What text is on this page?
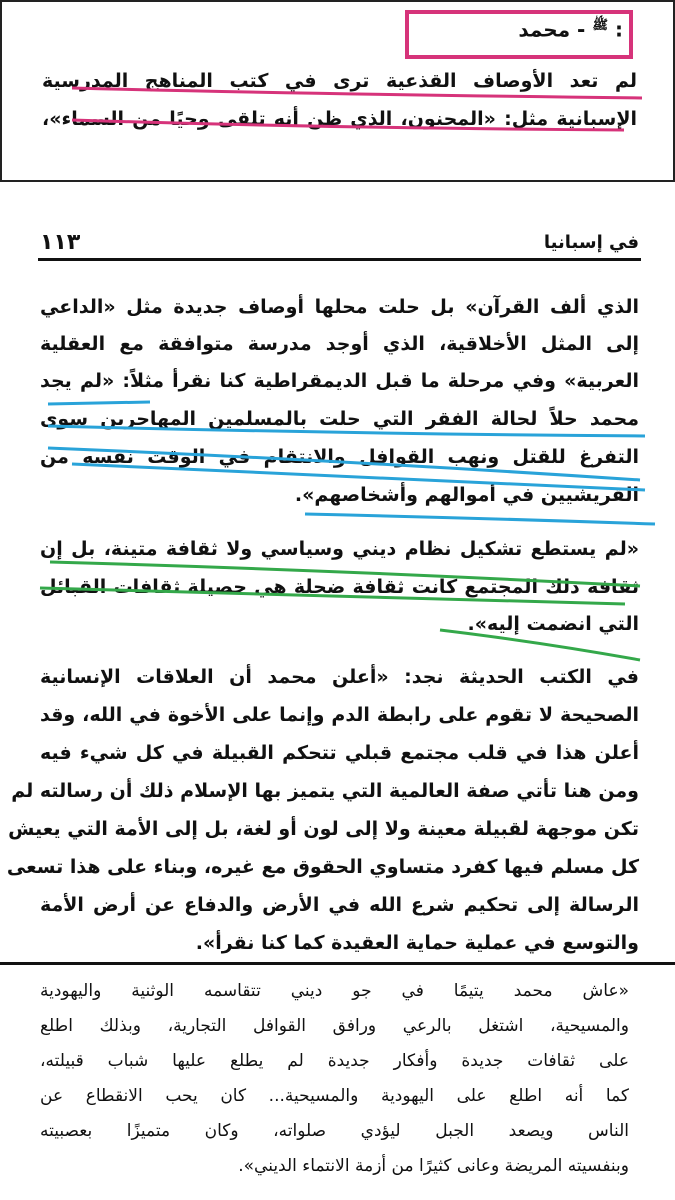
: $^ﷺ$ - محمد
لم تعد الأوصاف القذعية ترى في كتب المناهج المدرسية
الإسبانية مثل: «المجنون، الذي ظن أنه تلقى وحيًا من السماء»،
١١٣	في إسبانيا
الذي ألف القرآن» بل حلت محلها أوصاف جديدة مثل «الداعي
إلى المثل الأخلاقية، الذي أوجد مدرسة متوافقة مع العقلية
العربية» وفي مرحلة ما قبل الديمقراطية كنا نقرأ مثلاً: «لم يجد
محمد حلاً لحالة الفقر التي حلت بالمسلمين المهاجرين سوى
التفرغ للقتل ونهب القوافل والانتقام في الوقت نفسه من
القريشيين في أموالهم وأشخاصهم».
«لم يستطع تشكيل نظام ديني وسياسي ولا ثقافة متينة، بل إن
ثقافة ذلك المجتمع كانت ثقافة ضحلة هي حصيلة ثقافات القبائل
التي انضمت إليه».
في الكتب الحديثة نجد: «أعلن محمد أن العلاقات الإنسانية
الصحيحة لا تقوم على رابطة الدم وإنما على الأخوة في الله، وقد
أعلن هذا في قلب مجتمع قبلي تتحكم القبيلة في كل شيء فيه
ومن هنا تأتي صفة العالمية التي يتميز بها الإسلام ذلك أن رسالته لم
تكن موجهة لقبيلة معينة ولا إلى لون أو لغة، بل إلى الأمة التي يعيش
كل مسلم فيها كفرد متساوي الحقوق مع غيره، وبناء على هذا تسعى
الرسالة إلى تحكيم شرع الله في الأرض والدفاع عن أرض الأمة
والتوسع في عملية حماية العقيدة كما كنا نقرأ».
«عاش محمد يتيمًا في جو ديني تتقاسمه الوثنية واليهودية
والمسيحية، اشتغل بالرعي ورافق القوافل التجارية، وبذلك اطلع
على ثقافات جديدة وأفكار جديدة لم يطلع عليها شباب قبيلته،
كما أنه اطلع على اليهودية والمسيحية... كان يحب الانقطاع عن
الناس ويصعد الجبل ليؤدي صلواته، وكان متميزًا بعصبيته
وبنفسيته المريضة وعانى كثيرًا من أزمة الانتماء الديني».
